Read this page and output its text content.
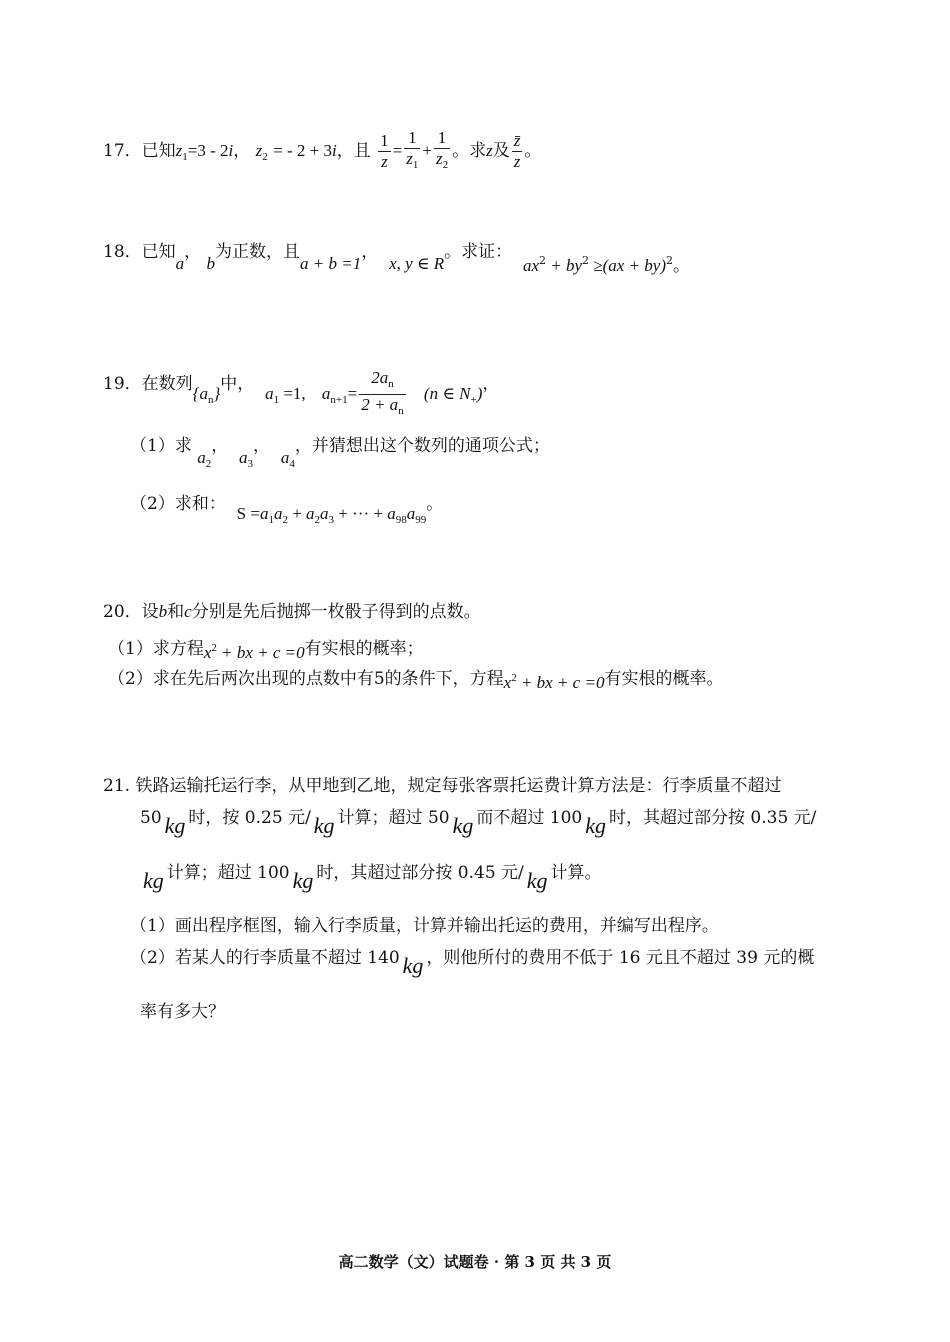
17．已知$z_1=3 - 2i$， $z_2$ = - 2 + 3i，且 $\frac{1}{z} = \frac{1}{z_1} + \frac{1}{z_2}$ 。求z及 $\frac{z̄}{z}$ 。
18．已知a， b为正数，且a + b =1，  x, y ∈ R。求证：  $ax^2 + by^2 \ge(ax + by)^2$。
19．在数列$\{a_n\}$中， $a_1 =1$, $a_{n+1}= \frac{2a_n}{2 + a_n} (n$ ∈ $N_+$)，
（1）求 $a_2$，  $a_3$，  $a_4$，并猜想出这个数列的通项公式；
（2）求和： $S =a_1a_2 + a_2a_3$ + ··· + $a_{98}a_{99}$。
20．设b和c分别是先后抛掷一枚骰子得到的点数。
（1）求方程$x^2$ + bx + c =0有实根的概率；
（2）求在先后两次出现的点数中有5的条件下，方程$x^2$ + bx + c =0有实根的概率。
21. 铁路运输托运行李，从甲地到乙地，规定每张客票托运费计算方法是：行李质量不超过
50 kg 时，按 0.25 元/ kg 计算；超过 50 kg 而不超过 100 kg 时，其超过部分按 0.35 元/
kg 计算；超过 100 kg 时，其超过部分按 0.45 元/ kg 计算。
（1）画出程序框图，输入行李质量，计算并输出托运的费用，并编写出程序。
（2）若某人的行李质量不超过 140 kg ，则他所付的费用不低于 16 元且不超过 39 元的概
率有多大？
高二数学（文）试题卷 · 第 3 页 共 3 页
